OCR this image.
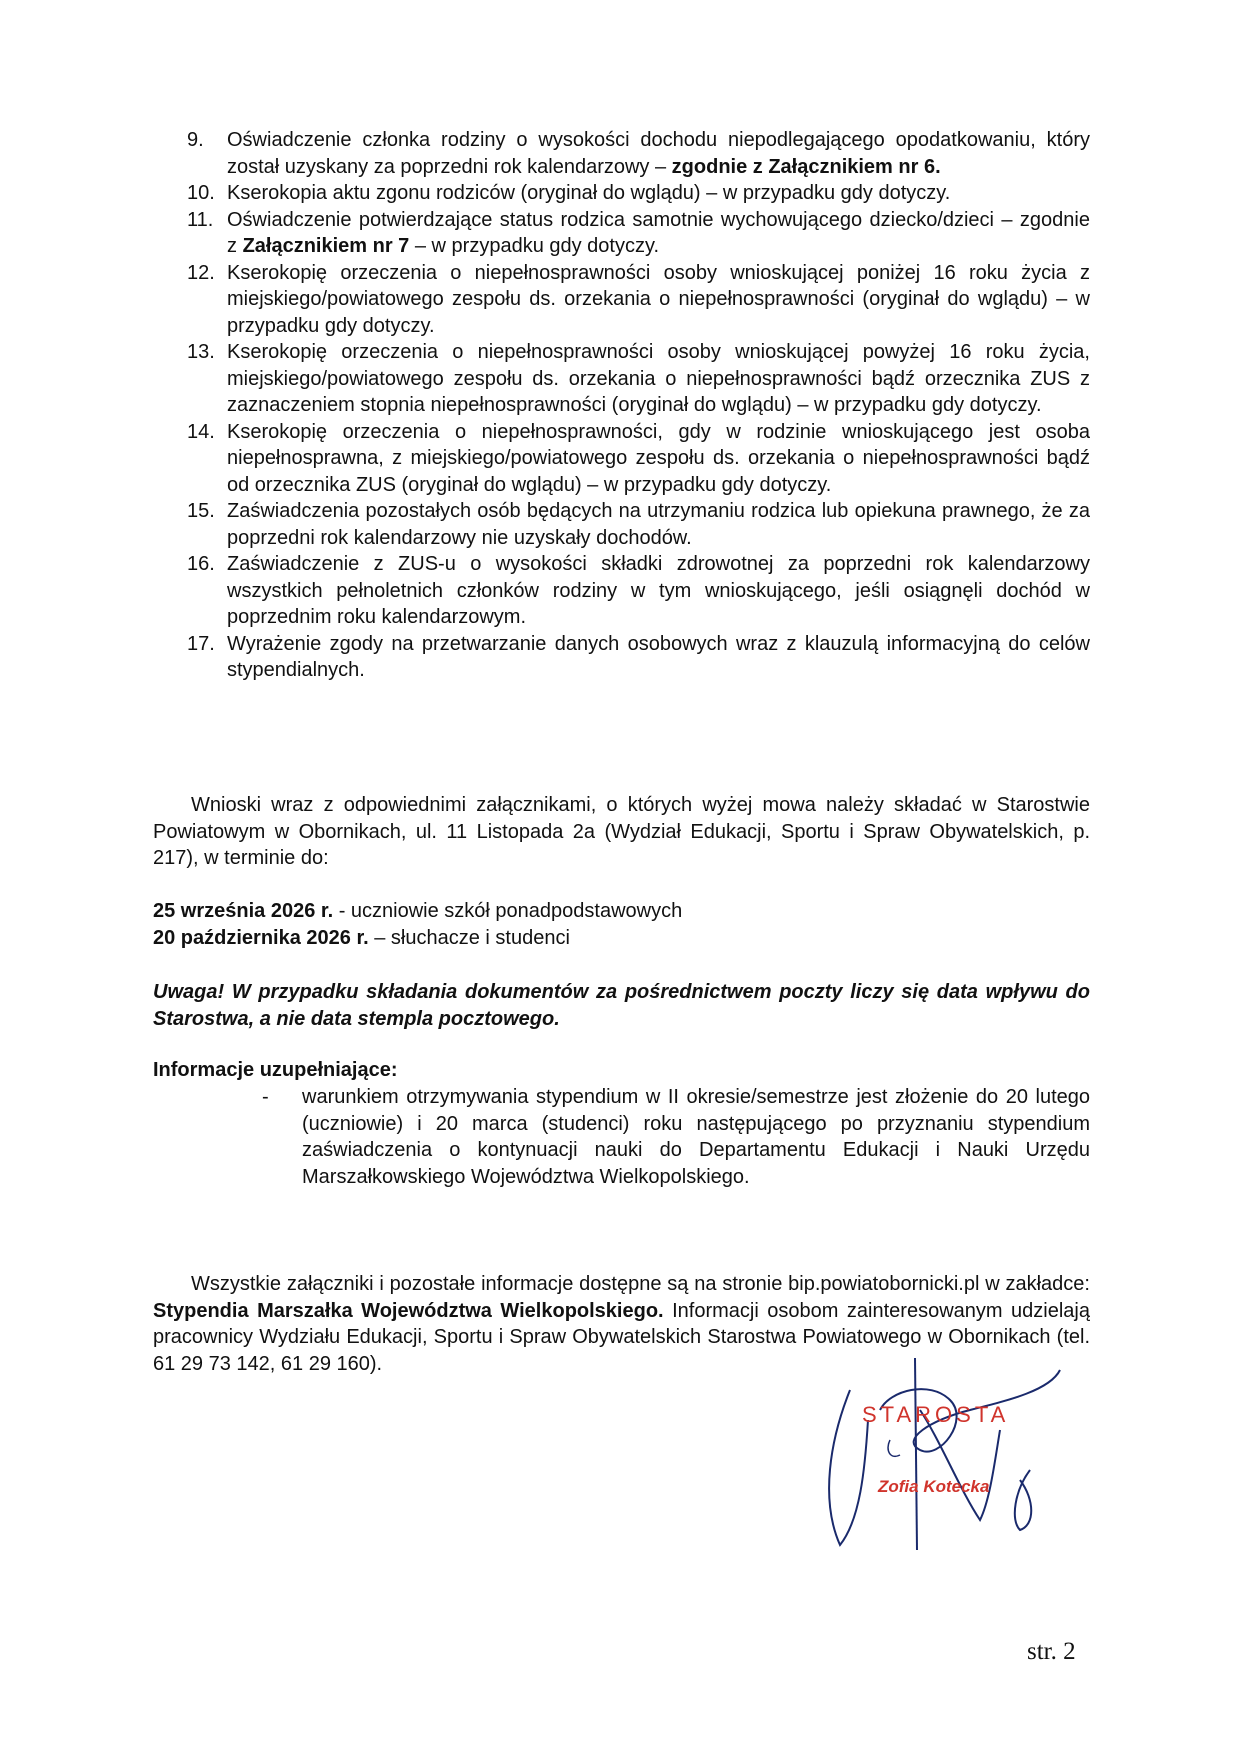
9.	Oświadczenie członka rodziny o wysokości dochodu niepodlegającego opodatkowaniu, który został uzyskany za poprzedni rok kalendarzowy – zgodnie z Załącznikiem nr 6.
10. Kserokopia aktu zgonu rodziców (oryginał do wglądu) – w przypadku gdy dotyczy.
11. Oświadczenie potwierdzające status rodzica samotnie wychowującego dziecko/dzieci – zgodnie z Załącznikiem nr 7 – w przypadku gdy dotyczy.
12. Kserokopię orzeczenia o niepełnosprawności osoby wnioskującej poniżej 16 roku życia z miejskiego/powiatowego zespołu ds. orzekania o niepełnosprawności (oryginał do wglądu) – w przypadku gdy dotyczy.
13. Kserokopię orzeczenia o niepełnosprawności osoby wnioskującej powyżej 16 roku życia, miejskiego/powiatowego zespołu ds. orzekania o niepełnosprawności bądź orzecznika ZUS z zaznaczeniem stopnia niepełnosprawności (oryginał do wglądu) – w przypadku gdy dotyczy.
14. Kserokopię orzeczenia o niepełnosprawności, gdy w rodzinie wnioskującego jest osoba niepełnosprawna, z miejskiego/powiatowego zespołu ds. orzekania o niepełnosprawności bądź od orzecznika ZUS (oryginał do wglądu) – w przypadku gdy dotyczy.
15. Zaświadczenia pozostałych osób będących na utrzymaniu rodzica lub opiekuna prawnego, że za poprzedni rok kalendarzowy nie uzyskały dochodów.
16. Zaświadczenie z ZUS-u o wysokości składki zdrowotnej za poprzedni rok kalendarzowy wszystkich pełnoletnich członków rodziny w tym wnioskującego, jeśli osiągnęli dochód w poprzednim roku kalendarzowym.
17. Wyrażenie zgody na przetwarzanie danych osobowych wraz z klauzulą informacyjną do celów stypendialnych.

Wnioski wraz z odpowiednimi załącznikami, o których wyżej mowa należy składać w Starostwie Powiatowym w Obornikach, ul. 11 Listopada 2a (Wydział Edukacji, Sportu i Spraw Obywatelskich, p. 217), w terminie do:

25 września 2026 r. - uczniowie szkół ponadpodstawowych
20 października 2026 r. – słuchacze i studenci
Uwaga! W przypadku składania dokumentów za pośrednictwem poczty liczy się data wpływu do Starostwa, a nie data stempla pocztowego.
Informacje uzupełniające:
-	warunkiem otrzymywania stypendium w II okresie/semestrze jest złożenie do 20 lutego (uczniowie) i 20 marca (studenci) roku następującego po przyznaniu stypendium zaświadczenia o kontynuacji nauki do Departamentu Edukacji i Nauki Urzędu Marszałkowskiego Województwa Wielkopolskiego.

Wszystkie załączniki i pozostałe informacje dostępne są na stronie bip.powiatobornicki.pl w zakładce: Stypendia Marszałka Województwa Wielkopolskiego. Informacji osobom zainteresowanym udzielają pracownicy Wydziału Edukacji, Sportu i Spraw Obywatelskich Starostwa Powiatowego w Obornikach (tel. 61 29 73 142, 61 29 160).

STAROSTA
Zofia Kotecka
str. 2
